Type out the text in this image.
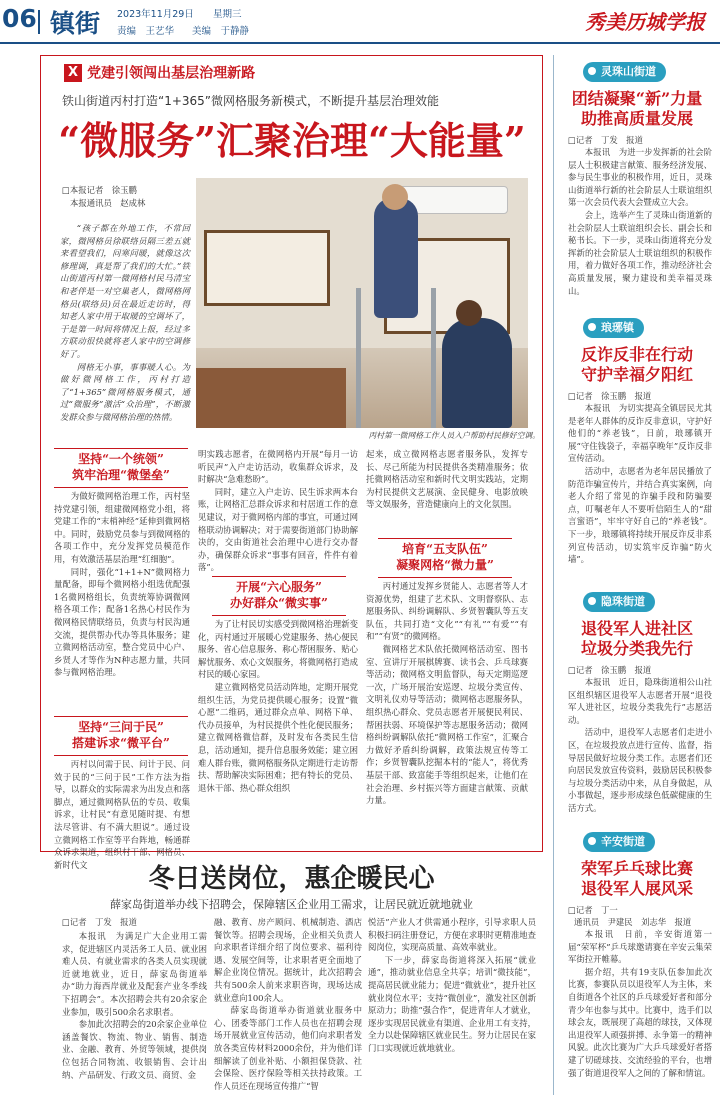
06 镇街 2023年11月29日 星期三
责编　王艺华 美编　于静静	秀美历城学报
X 党建引领闯出基层治理新路
铁山街道丙村打造“1+365”微网格服务新模式，不断提升基层治理效能
“微服务”汇聚治理“大能量”
□本报记者　徐玉鹏
本报通讯员　赵成林

“孩子都在外地工作，不常回家，微网格员徐联络员隔三差五就来看望我们，问寒问暖，就像这次修理调，真是帮了我们的大忙。”铁山街道丙村第一微网格村民马清宝和老伴是一对空巢老人，微网格网格员(联络员)员在最近走访时，得知老人家中用于取暖的空调坏了，于是第一时间将情况上报，经过多方联动很快就将老人家中的空调修好了。

网格无小事，事事暖人心。为做好微网格工作，丙村打造了“1+365”微网格服务模式，通过“微服务”激活“众治理”，不断激发群众参与微网格治理的热情。

丙村第一微网格工作人员入户帮助村民修好空调。
坚持“一个统领”
筑牢治理“微堡垒”

为做好微网格治理工作，丙村坚持党建引领，组建微网格党小组，将党建工作的“末梢神经”延伸到微网格中。同时，鼓励党员参与到微网格的各项工作中，充分发挥党员模范作用，有效激活基层治理“红细胞”。

同时，强化“1+1+N”微网格力量配备，即每个微网格小组选优配强1名微网格组长，负责统筹协调微网格各项工作；配备1名热心村民作为微网格民情联络员，负责与村民沟通交流，提供帮办代办等具体服务；建立微网格活动室，整合党员中心户、乡贤人才等作为N种志愿力量，共同参与微网格治理。

坚持“三问于民”
搭建诉求“微平台”

丙村以问需于民、问计于民、问效于民的“三问于民”工作方法为指导，以群众的实际需求为出发点和落脚点，通过微网格队伍的专员、收集诉求，让村民“有意见随时提、有想法尽管讲、有不满大胆说”。通过设立微网格工作室等平台阵地，畅通群众诉求渠道，组织村干部、网格员、新时代文

明实践志愿者，在微网格内开展“每月一访听民声”入户走访活动，收集群众诉求，及时解决“急难愁盼”。

同时，建立入户走访、民生诉求两本台账，让网格汇总群众诉求和村居道工作的意见建议，对于微网格内部的事宜，可通过网格联动协调解决；对于需要街道部门协助解决的，交由街道社会治理中心进行交办督办，确保群众诉求“事事有回音，件件有着落”。

开展“六心服务”
办好群众“微实事”

为了让村民切实感受到微网格治理新变化，丙村通过开展暖心党建服务、热心便民服务、省心信息服务、称心帮困服务、贴心解忧服务、欢心文娱服务，将微网格打造成村民的暖心家园。

建立微网格党员活动阵地，定期开展党组织生活，为党员提供暖心服务；设置“微心愿”二维码，通过群众点单、网格下单、代办员接单，为村民提供个性化便民服务；建立微网格微信群，及时发布各类民生信息，活动通知，提升信息服务效能；建立困难人群台账，微网格服务队定期进行走访帮扶、帮助解决实际困难；把有特长的党员、退休干部、热心群众组织

起来，成立微网格志愿者服务队，发挥专长、尽己所能为村民提供各类精准服务；依托微网格活动室和新时代文明实践站，定期为村民提供文艺展演、金民健身、电影放映等文娱服务，营造健康向上的文化氛围。

培育“五支队伍”
凝聚网格“微力量”

丙村通过发挥乡贤能人、志愿者等人才资源优势，组建了艺术队、文明督察队、志愿服务队、纠纷调解队、乡贤智囊队等五支队伍，共同打造“文化”“有礼”“有爱”“有和”“有贤”的微网格。

微网格艺术队依托微网格活动室、图书室、宣讲厅开展棋牌赛、读书会、乒乓球赛等活动；微网格文明监督队，每天定期巡逻一次，广场开展治安巡逻、垃圾分类宣传、文明礼仪劝导等活动；微网格志愿服务队，组织热心群众、党员志愿者开展便民利民、帮困扶弱、环境保护等志愿服务活动；微网格纠纷调解队依托“微网格工作室”，汇聚合力做好矛盾纠纷调解，政策法规宣传等工作；乡贤智囊队挖掘本村的“能人”，将优秀基层干部、致富能手等组织起来，让他们在社会治理、乡村振兴等方面建言献策、贡献力量。

冬日送岗位，惠企暖民心
薛家岛街道举办线下招聘会，保障辖区企业用工需求，让居民就近就地就业
□记者　丁发　报道

本报讯　为满足广大企业用工需求，促进辖区内灵活务工人员、就业困难人员、有就业需求的各类人员实现就近就地就业，近日，薛家岛街道举办“助力海西岸就业及配套产业冬季线下招聘会”。本次招聘会共有20余家企业参加，吸引500余名求职者。

参加此次招聘会的20余家企业单位涵盖餐饮、物流、物业、销售、制造业、金融、教育、外贸等领域，提供岗位包括合同物流、收银销售、会计出纳、产品研发、行政文员、商贸、金

融、教育、房产顾问、机械制造、酒店餐饮等。招聘会现场，企业相关负责人向求职者详细介绍了岗位要求、福利待遇、发展空间等，让求职者更全面地了解企业岗位情况。据统计，此次招聘会共有500余人前来求职咨询，现场达成就业意向100余人。

薛家岛街道举办街道就业服务中心、团委等部门工作人员也在招聘会现场开展就业宣传活动，他们向求职者发放各类宣传材料2000余份，并为他们详细解读了创业补贴、小额担保贷款、社会保险、医疗保险等相关扶持政策。工作人员还在现场宣传推广“智

悦活”产业人才供需通小程序，引导求职人员积极扫码注册登记，方便在求职时更精准地查阅岗位，实现高质量、高效率就业。

下一步，薛家岛街道将深入拓展“就业通”，推动就业信息全共享；培训“微技能”，提高居民就业能力；促进“微就业”，提升社区就业岗位水平；支持“微创业”，激发社区创新原动力；助推“强合作”，促进青年人才就业，逐步实现居民就业有渠道、企业用工有支持，全力以赴保障辖区就业民生。努力让居民在家门口实现就近就地就业。

灵珠山街道
团结凝聚“新”力量
助推高质量发展
□记者　丁发　报道

本报讯　为进一步发挥新的社会阶层人士积极建言献策、服务经济发展、参与民生事业的积极作用，近日，灵珠山街道举行新的社会阶层人士联谊组织第一次会员代表大会暨成立大会。

会上，选举产生了灵珠山街道新的社会阶层人士联谊组织会长、副会长和秘书长。下一步，灵珠山街道将充分发挥新的社会阶层人士联谊组织的积极作用，着力做好各项工作，推动经济社会高质量发展，聚力建设和美幸福灵珠山。

琅琊镇
反诈反非在行动
守护幸福夕阳红
□记者　徐玉鹏　报道

本报讯　为切实提高全镇居民尤其是老年人群体的反诈反非意识，守护好他们的“养老钱”，日前，琅琊镇开展“守住钱袋子，幸福享晚年”反诈反非宣传活动。

活动中，志愿者为老年居民播放了防范诈骗宣传片，并结合真实案例，向老人介绍了常见的诈骗手段和防骗要点，叮嘱老年人不要听信陌生人的“甜言蜜语”，牢牢守好自己的“养老钱”。下一步，琅琊镇将持续开展反诈反非系列宣传活动，切实筑牢反诈骗“防火墙”。

隐珠街道
退役军人进社区
垃圾分类我先行
□记者　徐玉鹏　报道

本报讯　近日，隐珠街道相公山社区组织辖区退役军人志愿者开展“退役军人进社区，垃圾分类我先行”志愿活动。

活动中，退役军人志愿者们走进小区，在垃圾投放点进行宣传、监督，指导居民做好垃圾分类工作。志愿者们还向居民发放宣传资料，鼓励居民积极参与垃圾分类活动中来，从自身做起，从小事做起，逐步形成绿色低碳健康的生活方式。

辛安街道
荣军乒乓球比赛
退役军人展风采
□记者　丁一
通讯员　尹建民　刘志华　报道

本报讯　日前，辛安街道第一届“荣军杯”乒乓球邀请赛在辛安云集荣军街拉开帷幕。

据介绍，共有19支队伍参加此次比赛，参赛队员以退役军人为主体，来自街道各个社区的乒乓球爱好者和部分青少年也参与其中。比赛中，选手们以球会友，既展现了高超的球技，又体现出退役军人顽强拼搏、永争第一的精神风貌。此次比赛为广大乒乓球爱好者搭建了切磋球技、交流经验的平台，也增强了街道退役军人之间的了解和情谊。
